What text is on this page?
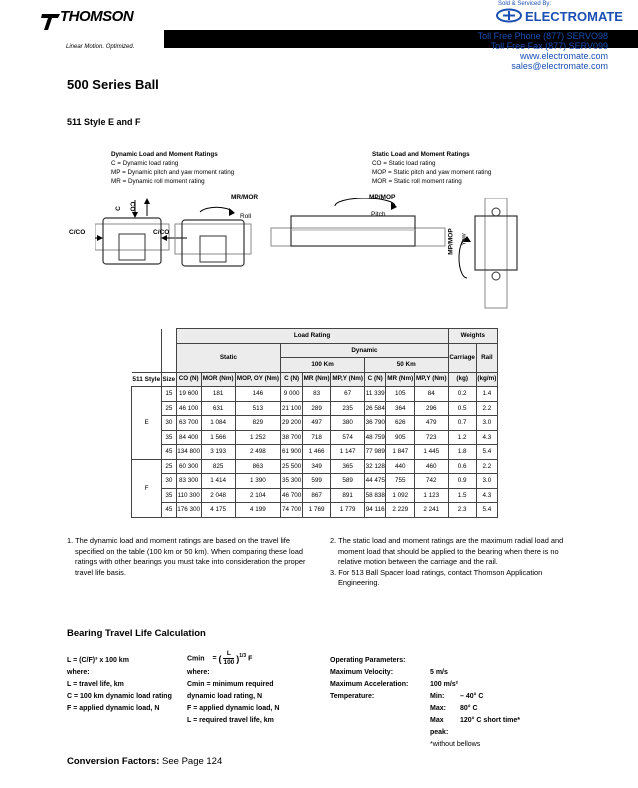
THOMSON
Linear Motion. Optimized.
Sold & Serviced By:
ELECTROMATE
Toll Free Phone (877) SERVO98
Toll Free Fax (877) SERV099
www.electromate.com
sales@electromate.com
500 Series Ball
511 Style E and F
Dynamic Load and Moment Ratings
C = Dynamic load rating
MP = Dynamic pitch and yaw moment rating
MR = Dynamic roll moment rating
Static Load and Moment Ratings
CO = Static load rating
MOP = Static pitch and yaw moment rating
MOR = Static roll moment rating
C CO
C/CO	C/CO
MR/MOR
Roll
MP/MOP
Pitch
MP/MOP Yaw
		Load Rating									Weights	
		Static			Dynamic						Carriage	Rail
					100 Km			50 Km				
511 Style	Size	CO (N)	MOR (Nm)	MOP, OY (Nm)	C (N)	MR (Nm)	MP,Y (Nm)	C (N)	MR (Nm)	MP,Y (Nm)	(kg)	(kg/m)
E	15	19 600	181	146	9 000	83	67	11 339	105	84	0.2	1.4
	25	46 100	631	513	21 100	289	235	26 584	364	296	0.5	2.2
	30	63 700	1 084	829	29 200	497	380	36 790	626	479	0.7	3.0
	35	84 400	1 566	1 252	38 700	718	574	48 759	905	723	1.2	4.3
	45	134 800	3 193	2 498	61 900	1 466	1 147	77 989	1 847	1 445	1.8	5.4
F	25	60 300	825	863	25 500	349	365	32 128	440	460	0.6	2.2
	30	83 300	1 414	1 390	35 300	599	589	44 475	755	742	0.9	3.0
	35	110 300	2 048	2 104	46 700	867	891	58 838	1 092	1 123	1.5	4.3
	45	176 300	4 175	4 199	74 700	1 769	1 779	94 116	2 229	2 241	2.3	5.4

1. The dynamic load and moment ratings are based on the travel life specified on the table (100 km or 50 km). When comparing these load ratings with other bearings you must take into consideration the proper travel life basis.

2. The static load and moment ratings are the maximum radial load and moment load that should be applied to the bearing when there is no relative motion between the carriage and the rail.

3. For 513 Ball Spacer load ratings, contact Thomson Application Engineering.

Bearing Travel Life Calculation
L = (C/F)³ x 100 km
where:
L = travel life, km
C = 100 km dynamic load rating
F = applied dynamic load, N
Cmin = ( $\frac{L}{100} )^{1/3}$ F
where:
Cmin = minimum required
dynamic load rating, N
F = applied dynamic load, N
L = required travel life, km
Operating Parameters:
Maximum Velocity:	5 m/s
Maximum Acceleration:	100 m/s²
Temperature:	Min:	– 40° C
Max:	80° C
Max peak:
120° C short time*
*without bellows
Conversion Factors: See Page 124
